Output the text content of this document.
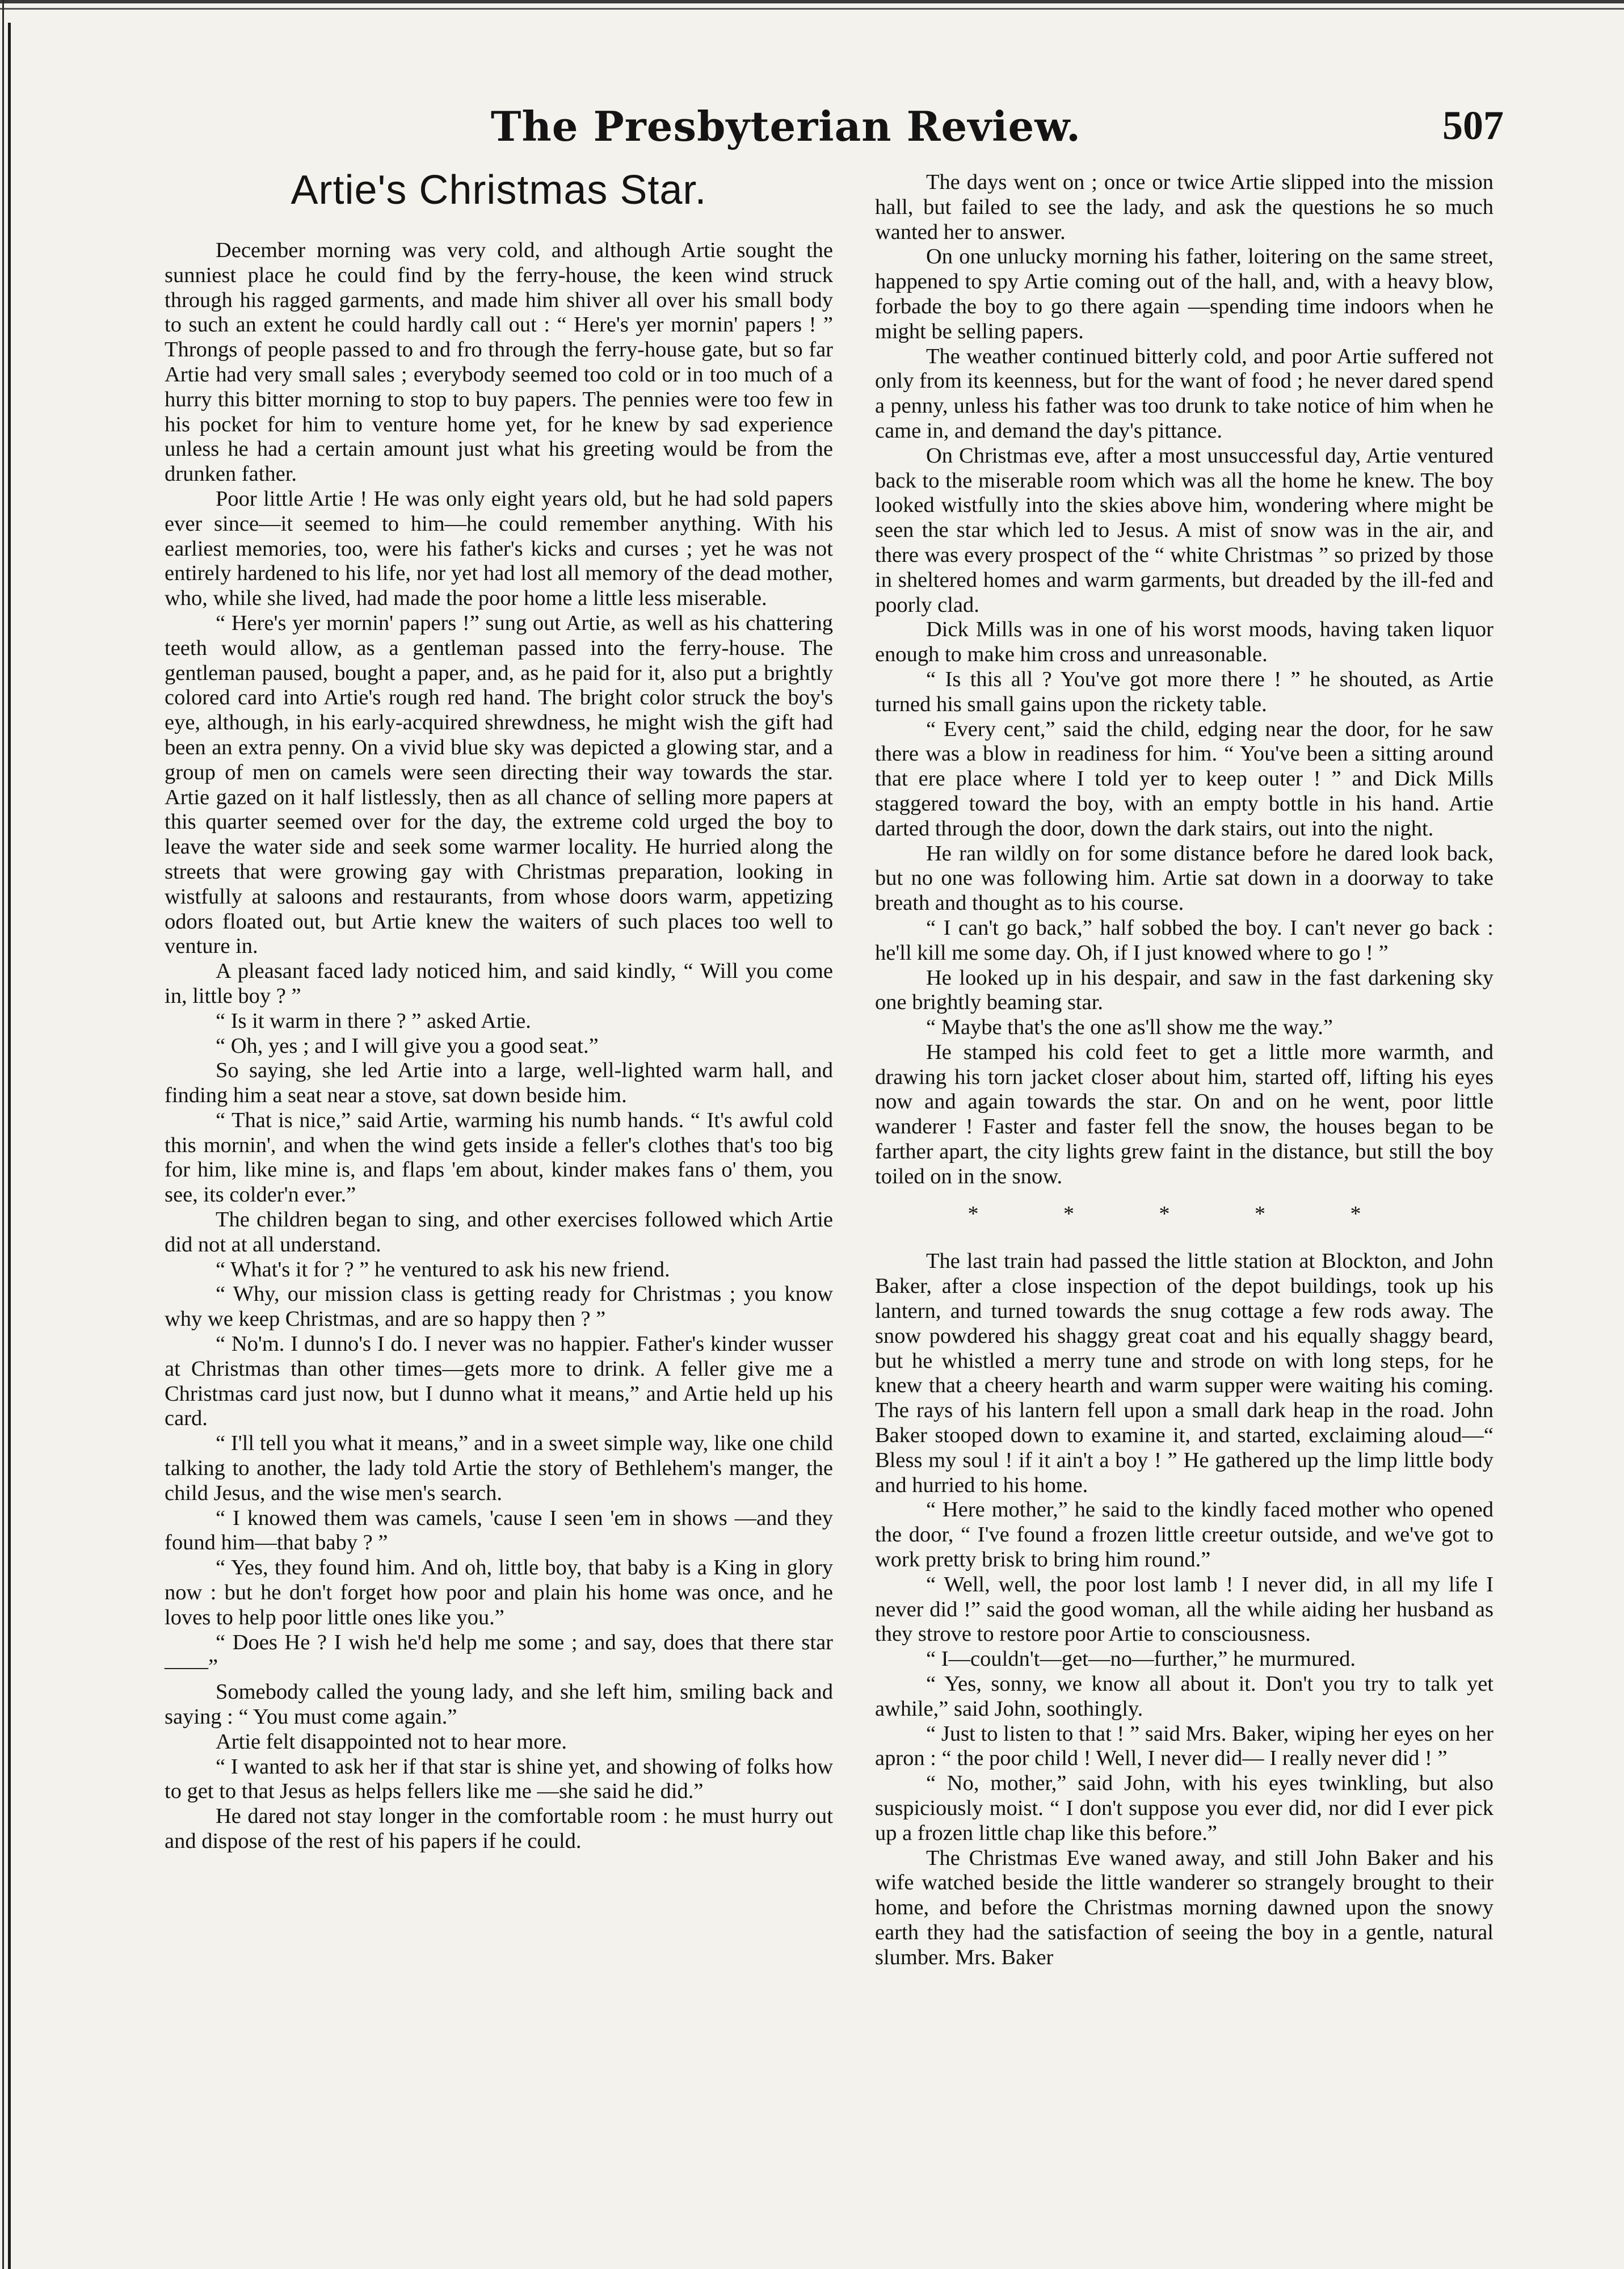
The Presbyterian Review.	507
Artie's Christmas Star.

December morning was very cold, and although Artie sought the sunniest place he could find by the ferry-house, the keen wind struck through his ragged garments, and made him shiver all over his small body to such an extent he could hardly call out : “ Here's yer mornin' papers ! ” Throngs of people passed to and fro through the ferry-house gate, but so far Artie had very small sales ; everybody seemed too cold or in too much of a hurry this bitter morning to stop to buy papers. The pennies were too few in his pocket for him to venture home yet, for he knew by sad experience unless he had a certain amount just what his greeting would be from the drunken father.

Poor little Artie ! He was only eight years old, but he had sold papers ever since—it seemed to him—he could remember anything. With his earliest memories, too, were his father's kicks and curses ; yet he was not entirely hardened to his life, nor yet had lost all memory of the dead mother, who, while she lived, had made the poor home a little less miserable.

“ Here's yer mornin' papers !” sung out Artie, as well as his chattering teeth would allow, as a gentleman passed into the ferry-house. The gentleman paused, bought a paper, and, as he paid for it, also put a brightly colored card into Artie's rough red hand. The bright color struck the boy's eye, although, in his early-acquired shrewdness, he might wish the gift had been an extra penny. On a vivid blue sky was depicted a glowing star, and a group of men on camels were seen directing their way towards the star. Artie gazed on it half listlessly, then as all chance of selling more papers at this quarter seemed over for the day, the extreme cold urged the boy to leave the water side and seek some warmer locality. He hurried along the streets that were growing gay with Christmas preparation, looking in wistfully at saloons and restaurants, from whose doors warm, appetizing odors floated out, but Artie knew the waiters of such places too well to venture in.

A pleasant faced lady noticed him, and said kindly, “ Will you come in, little boy ? ”

“ Is it warm in there ? ” asked Artie.

“ Oh, yes ; and I will give you a good seat.”

So saying, she led Artie into a large, well-lighted warm hall, and finding him a seat near a stove, sat down beside him.

“ That is nice,” said Artie, warming his numb hands. “ It's awful cold this mornin', and when the wind gets inside a feller's clothes that's too big for him, like mine is, and flaps 'em about, kinder makes fans o' them, you see, its colder'n ever.”

The children began to sing, and other exercises followed which Artie did not at all understand.

“ What's it for ? ” he ventured to ask his new friend.

“ Why, our mission class is getting ready for Christmas ; you know why we keep Christmas, and are so happy then ? ”

“ No'm. I dunno's I do. I never was no happier. Father's kinder wusser at Christmas than other times—gets more to drink. A feller give me a Christmas card just now, but I dunno what it means,” and Artie held up his card.

“ I'll tell you what it means,” and in a sweet simple way, like one child talking to another, the lady told Artie the story of Bethlehem's manger, the child Jesus, and the wise men's search.

“ I knowed them was camels, 'cause I seen 'em in shows —and they found him—that baby ? ”

“ Yes, they found him. And oh, little boy, that baby is a King in glory now : but he don't forget how poor and plain his home was once, and he loves to help poor little ones like you.”

“ Does He ? I wish he'd help me some ; and say, does that there star——”

Somebody called the young lady, and she left him, smiling back and saying : “ You must come again.”

Artie felt disappointed not to hear more.

“ I wanted to ask her if that star is shine yet, and showing of folks how to get to that Jesus as helps fellers like me —she said he did.”

He dared not stay longer in the comfortable room : he must hurry out and dispose of the rest of his papers if he could.

The days went on ; once or twice Artie slipped into the mission hall, but failed to see the lady, and ask the questions he so much wanted her to answer.

On one unlucky morning his father, loitering on the same street, happened to spy Artie coming out of the hall, and, with a heavy blow, forbade the boy to go there again —spending time indoors when he might be selling papers.

The weather continued bitterly cold, and poor Artie suffered not only from its keenness, but for the want of food ; he never dared spend a penny, unless his father was too drunk to take notice of him when he came in, and demand the day's pittance.

On Christmas eve, after a most unsuccessful day, Artie ventured back to the miserable room which was all the home he knew. The boy looked wistfully into the skies above him, wondering where might be seen the star which led to Jesus. A mist of snow was in the air, and there was every prospect of the “ white Christmas ” so prized by those in sheltered homes and warm garments, but dreaded by the ill-fed and poorly clad.

Dick Mills was in one of his worst moods, having taken liquor enough to make him cross and unreasonable.

“ Is this all ? You've got more there ! ” he shouted, as Artie turned his small gains upon the rickety table.

“ Every cent,” said the child, edging near the door, for he saw there was a blow in readiness for him. “ You've been a sitting around that ere place where I told yer to keep outer ! ” and Dick Mills staggered toward the boy, with an empty bottle in his hand. Artie darted through the door, down the dark stairs, out into the night.

He ran wildly on for some distance before he dared look back, but no one was following him. Artie sat down in a doorway to take breath and thought as to his course.

“ I can't go back,” half sobbed the boy. I can't never go back : he'll kill me some day. Oh, if I just knowed where to go ! ”

He looked up in his despair, and saw in the fast darkening sky one brightly beaming star.

“ Maybe that's the one as'll show me the way.”

He stamped his cold feet to get a little more warmth, and drawing his torn jacket closer about him, started off, lifting his eyes now and again towards the star. On and on he went, poor little wanderer ! Faster and faster fell the snow, the houses began to be farther apart, the city lights grew faint in the distance, but still the boy toiled on in the snow.

* * * * *

The last train had passed the little station at Blockton, and John Baker, after a close inspection of the depot buildings, took up his lantern, and turned towards the snug cottage a few rods away. The snow powdered his shaggy great coat and his equally shaggy beard, but he whistled a merry tune and strode on with long steps, for he knew that a cheery hearth and warm supper were waiting his coming. The rays of his lantern fell upon a small dark heap in the road. John Baker stooped down to examine it, and started, exclaiming aloud—“ Bless my soul ! if it ain't a boy ! ” He gathered up the limp little body and hurried to his home.

“ Here mother,” he said to the kindly faced mother who opened the door, “ I've found a frozen little creetur outside, and we've got to work pretty brisk to bring him round.”

“ Well, well, the poor lost lamb ! I never did, in all my life I never did !” said the good woman, all the while aiding her husband as they strove to restore poor Artie to consciousness.

“ I—couldn't—get—no—further,” he murmured.

“ Yes, sonny, we know all about it. Don't you try to talk yet awhile,” said John, soothingly.

“ Just to listen to that ! ” said Mrs. Baker, wiping her eyes on her apron : “ the poor child ! Well, I never did— I really never did ! ”

“ No, mother,” said John, with his eyes twinkling, but also suspiciously moist. “ I don't suppose you ever did, nor did I ever pick up a frozen little chap like this before.”

The Christmas Eve waned away, and still John Baker and his wife watched beside the little wanderer so strangely brought to their home, and before the Christmas morning dawned upon the snowy earth they had the satisfaction of seeing the boy in a gentle, natural slumber. Mrs. Baker
